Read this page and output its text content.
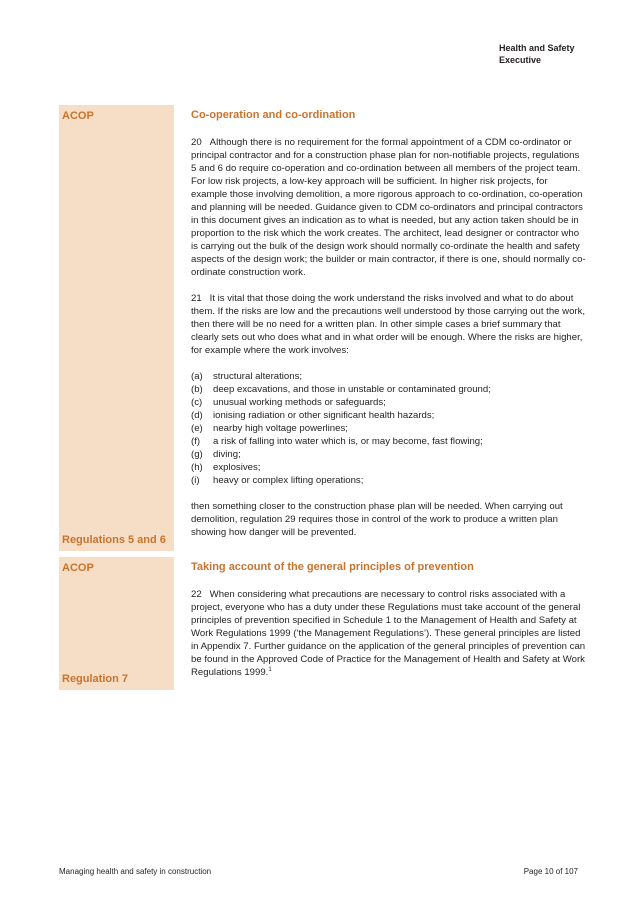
Health and Safety
Executive
ACOP
Regulations 5 and 6
Co-operation and co-ordination

20 Although there is no requirement for the formal appointment of a CDM co-ordinator or principal contractor and for a construction phase plan for non-notifiable projects, regulations 5 and 6 do require co-operation and co-ordination between all members of the project team. For low risk projects, a low-key approach will be sufficient. In higher risk projects, for example those involving demolition, a more rigorous approach to co-ordination, co-operation and planning will be needed. Guidance given to CDM co-ordinators and principal contractors in this document gives an indication as to what is needed, but any action taken should be in proportion to the risk which the work creates. The architect, lead designer or contractor who is carrying out the bulk of the design work should normally co-ordinate the health and safety aspects of the design work; the builder or main contractor, if there is one, should normally co-ordinate construction work.

21 It is vital that those doing the work understand the risks involved and what to do about them. If the risks are low and the precautions well understood by those carrying out the work, then there will be no need for a written plan. In other simple cases a brief summary that clearly sets out who does what and in what order will be enough. Where the risks are higher, for example where the work involves:

(a)	structural alterations;
(b)	deep excavations, and those in unstable or contaminated ground;
(c)	unusual working methods or safeguards;
(d)	ionising radiation or other significant health hazards;
(e)	nearby high voltage powerlines;
(f)	a risk of falling into water which is, or may become, fast flowing;
(g)	diving;
(h)	explosives;
(i)	heavy or complex lifting operations;

then something closer to the construction phase plan will be needed. When carrying out demolition, regulation 29 requires those in control of the work to produce a written plan showing how danger will be prevented.

ACOP
Regulation 7
Taking account of the general principles of prevention

22 When considering what precautions are necessary to control risks associated with a project, everyone who has a duty under these Regulations must take account of the general principles of prevention specified in Schedule 1 to the Management of Health and Safety at Work Regulations 1999 (‘the Management Regulations’). These general principles are listed in Appendix 7. Further guidance on the application of the general principles of prevention can be found in the Approved Code of Practice for the Management of Health and Safety at Work Regulations 1999.$^1$

Managing health and safety in construction	Page 10 of 107
